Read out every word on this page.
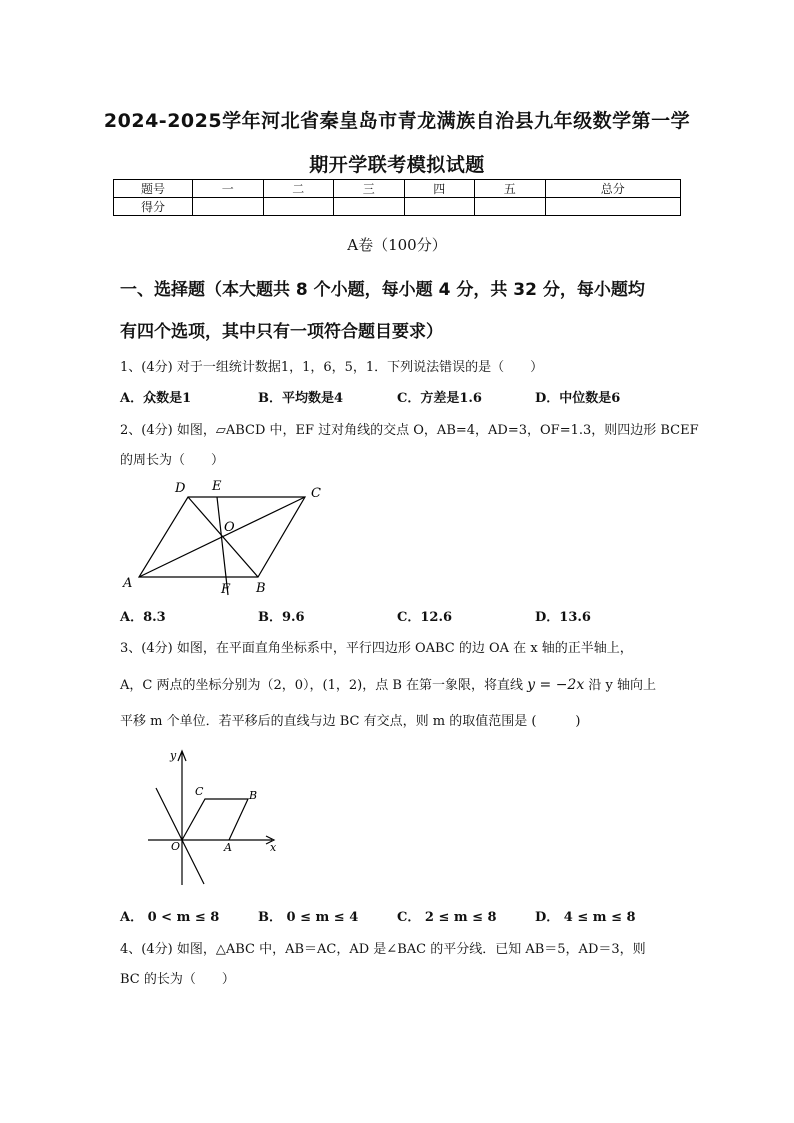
2024-2025学年河北省秦皇岛市青龙满族自治县九年级数学第一学
期开学联考模拟试题
题号	一	二	三	四	五	总分
得分						
A卷（100分）
一、选择题（本大题共 8 个小题，每小题 4 分，共 32 分，每小题均
有四个选项，其中只有一项符合题目要求）
1、(4分) 对于一组统计数据1，1，6，5，1．下列说法错误的是（　　）
A．众数是1	B．平均数是4	C．方差是1.6	D．中位数是6
2、(4分) 如图，▱ABCD 中，EF 过对角线的交点 O，AB=4，AD=3，OF=1.3，则四边形 BCEF
的周长为（　　）
D E	C
O
A	F B
A．8.3	B．9.6	C．12.6	D．13.6
3、(4分) 如图，在平面直角坐标系中，平行四边形 OABC 的边 OA 在 x 轴的正半轴上，
A，C 两点的坐标分别为（2，0），(1，2)，点 B 在第一象限，将直线 y = −2x 沿 y 轴向上
平移 m 个单位．若平移后的直线与边 BC 有交点，则 m 的取值范围是 (　　　)
y
C	B
O	A	x
A． 0 < m ≤ 8	B． 0 ≤ m ≤ 4	C． 2 ≤ m ≤ 8	D． 4 ≤ m ≤ 8
4、(4分) 如图，△ABC 中，AB＝AC，AD 是∠BAC 的平分线．已知 AB＝5，AD＝3，则
BC 的长为（　　）
